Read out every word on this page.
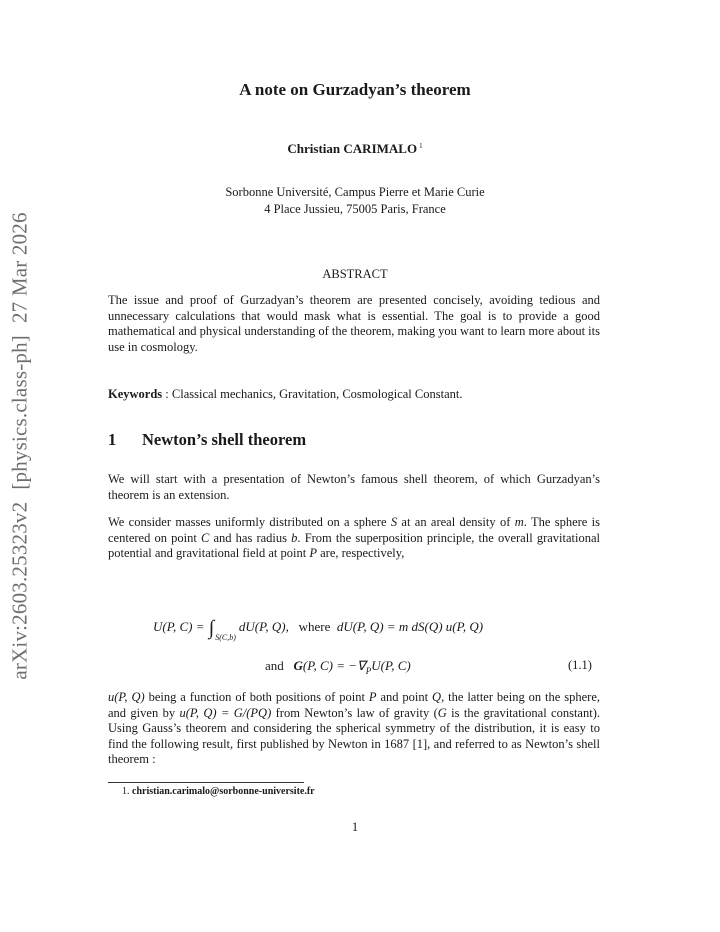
arXiv:2603.25323v2[physics.class-ph]27 Mar 2026
A note on Gurzadyan’s theorem
Christian CARIMALO $^1$
Sorbonne Université, Campus Pierre et Marie Curie
4 Place Jussieu, 75005 Paris, France
ABSTRACT
The issue and proof of Gurzadyan’s theorem are presented concisely, avoiding tedious and unnecessary calculations that would mask what is essential. The goal is to provide a good mathematical and physical understanding of the theorem, making you want to learn more about its use in cosmology.
Keywords : Classical mechanics, Gravitation, Cosmological Constant.
1 Newton’s shell theorem
We will start with a presentation of Newton’s famous shell theorem, of which Gurzadyan’s theorem is an extension.
We consider masses uniformly distributed on a sphere S at an areal density of m. The sphere is centered on point C and has radius b. From the superposition principle, the overall gravitational potential and gravitational field at point P are, respectively,
U(P, $C) = \int_{S(C,b)}dU(P$, Q), where dU(P, Q) = m dS(Q) u(P, Q)
and G(P, $C) = -\nabla_PU(P$, C)	(1.1)
u(P, Q) being a function of both positions of point P and point Q, the latter being on the sphere, and given by u(P, Q) = G/(PQ) from Newton’s law of gravity (G is the gravitational constant). Using Gauss’s theorem and considering the spherical symmetry of the distribution, it is easy to find the following result, first published by Newton in 1687 [1], and referred to as Newton’s shell theorem :
1. christian.carimalo@sorbonne-universite.fr
1
